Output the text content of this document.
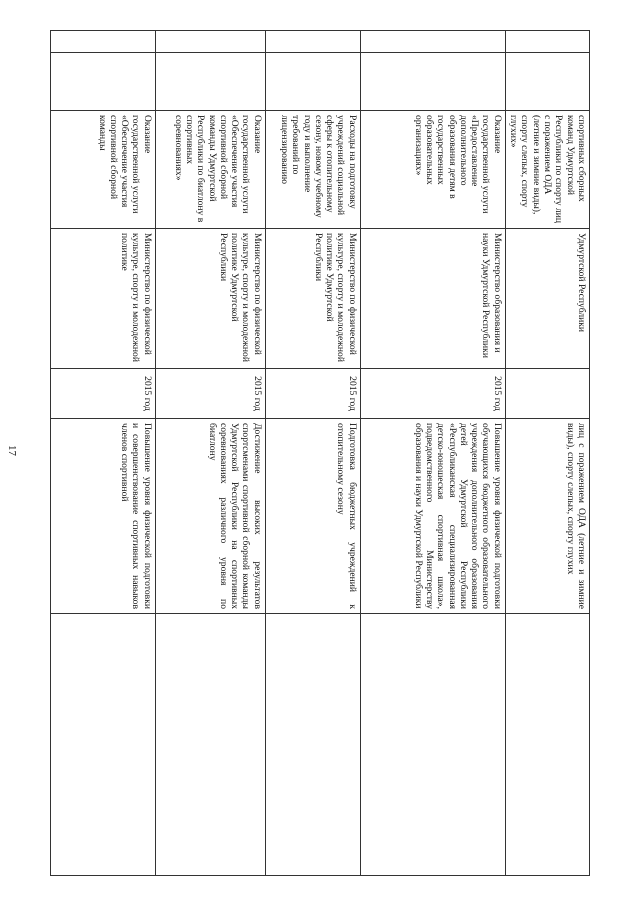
17
		спортивных сборных команд Удмуртской Республики по спорту лиц с поражением ОДА (летние и зимние виды), спорту слепых, спорту глухих»	Удмуртской Республики		лиц с поражением ОДА (летние и зимние виды), спорту слепых, спорту глухих	
		Оказание государственной услуги «Предоставление дополнительного образования детям в государственных образовательных организациях»	Министерство образования и науки Удмуртской Республики	2015 год	Повышение уровня физической подготовки обучающихся бюджетного образовательного учреждения дополнительного образования детей Удмуртской Республики «Республиканская специализированная детско-юношеская спортивная школа», подведомственного Министерству образования и науки Удмуртской Республики	
		Расходы на подготовку учреждений социальной сферы к отопительному сезону, новому учебному году и выполнение требований по лицензированию	Министерство по физической культуре, спорту и молодежной политике Удмуртской Республики	2015 год	Подготовка бюджетных учреждений к отопительному сезону	
		Оказание государственной услуги «Обеспечение участия спортивной сборной команды Удмуртской Республики по биатлону в спортивных соревнованиях»	Министерство по физической культуре, спорту и молодежной политике Удмуртской Республики	2015 год	Достижение высоких результатов спортсменами спортивной сборной команды Удмуртской Республики на спортивных соревнованиях различного уровня по биатлону	
		Оказание государственной услуги «Обеспечение участия спортивной сборной команды	Министерство по физической культуре, спорту и молодежной политике	2015 год	Повышение уровня физической подготовки и совершенствование спортивных навыков членов спортивной	
